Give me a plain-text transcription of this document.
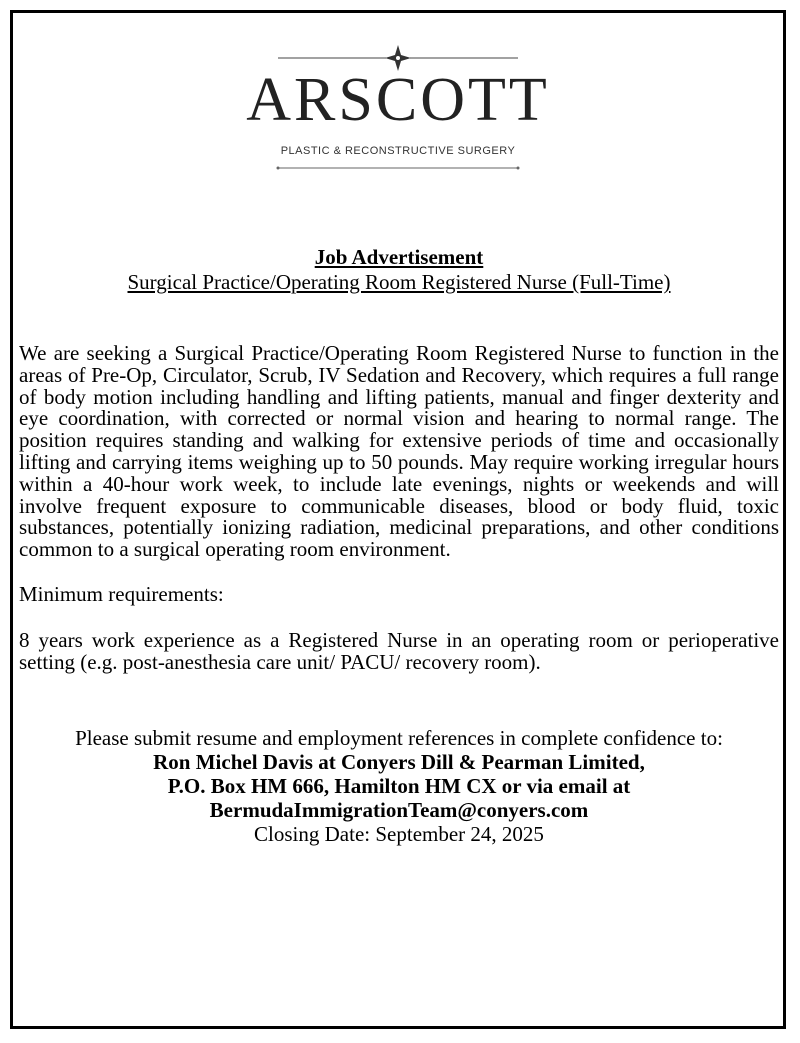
ARSCOTT
PLASTIC & RECONSTRUCTIVE SURGERY
Job Advertisement
Surgical Practice/Operating Room Registered Nurse (Full-Time)

We are seeking a Surgical Practice/Operating Room Registered Nurse to function in the areas of Pre-Op, Circulator, Scrub, IV Sedation and Recovery, which requires a full range of body motion including handling and lifting patients, manual and finger dexterity and eye coordination, with corrected or normal vision and hearing to normal range. The position requires standing and walking for extensive periods of time and occasionally lifting and carrying items weighing up to 50 pounds. May require working irregular hours within a 40-hour work week, to include late evenings, nights or weekends and will involve frequent exposure to communicable diseases, blood or body fluid, toxic substances, potentially ionizing radiation, medicinal preparations, and other conditions common to a surgical operating room environment.

Minimum requirements:

8 years work experience as a Registered Nurse in an operating room or perioperative setting (e.g. post-anesthesia care unit/ PACU/ recovery room).

Please submit resume and employment references in complete confidence to:
Ron Michel Davis at Conyers Dill & Pearman Limited,
P.O. Box HM 666, Hamilton HM CX or via email at
BermudaImmigrationTeam@conyers.com
Closing Date: September 24, 2025
